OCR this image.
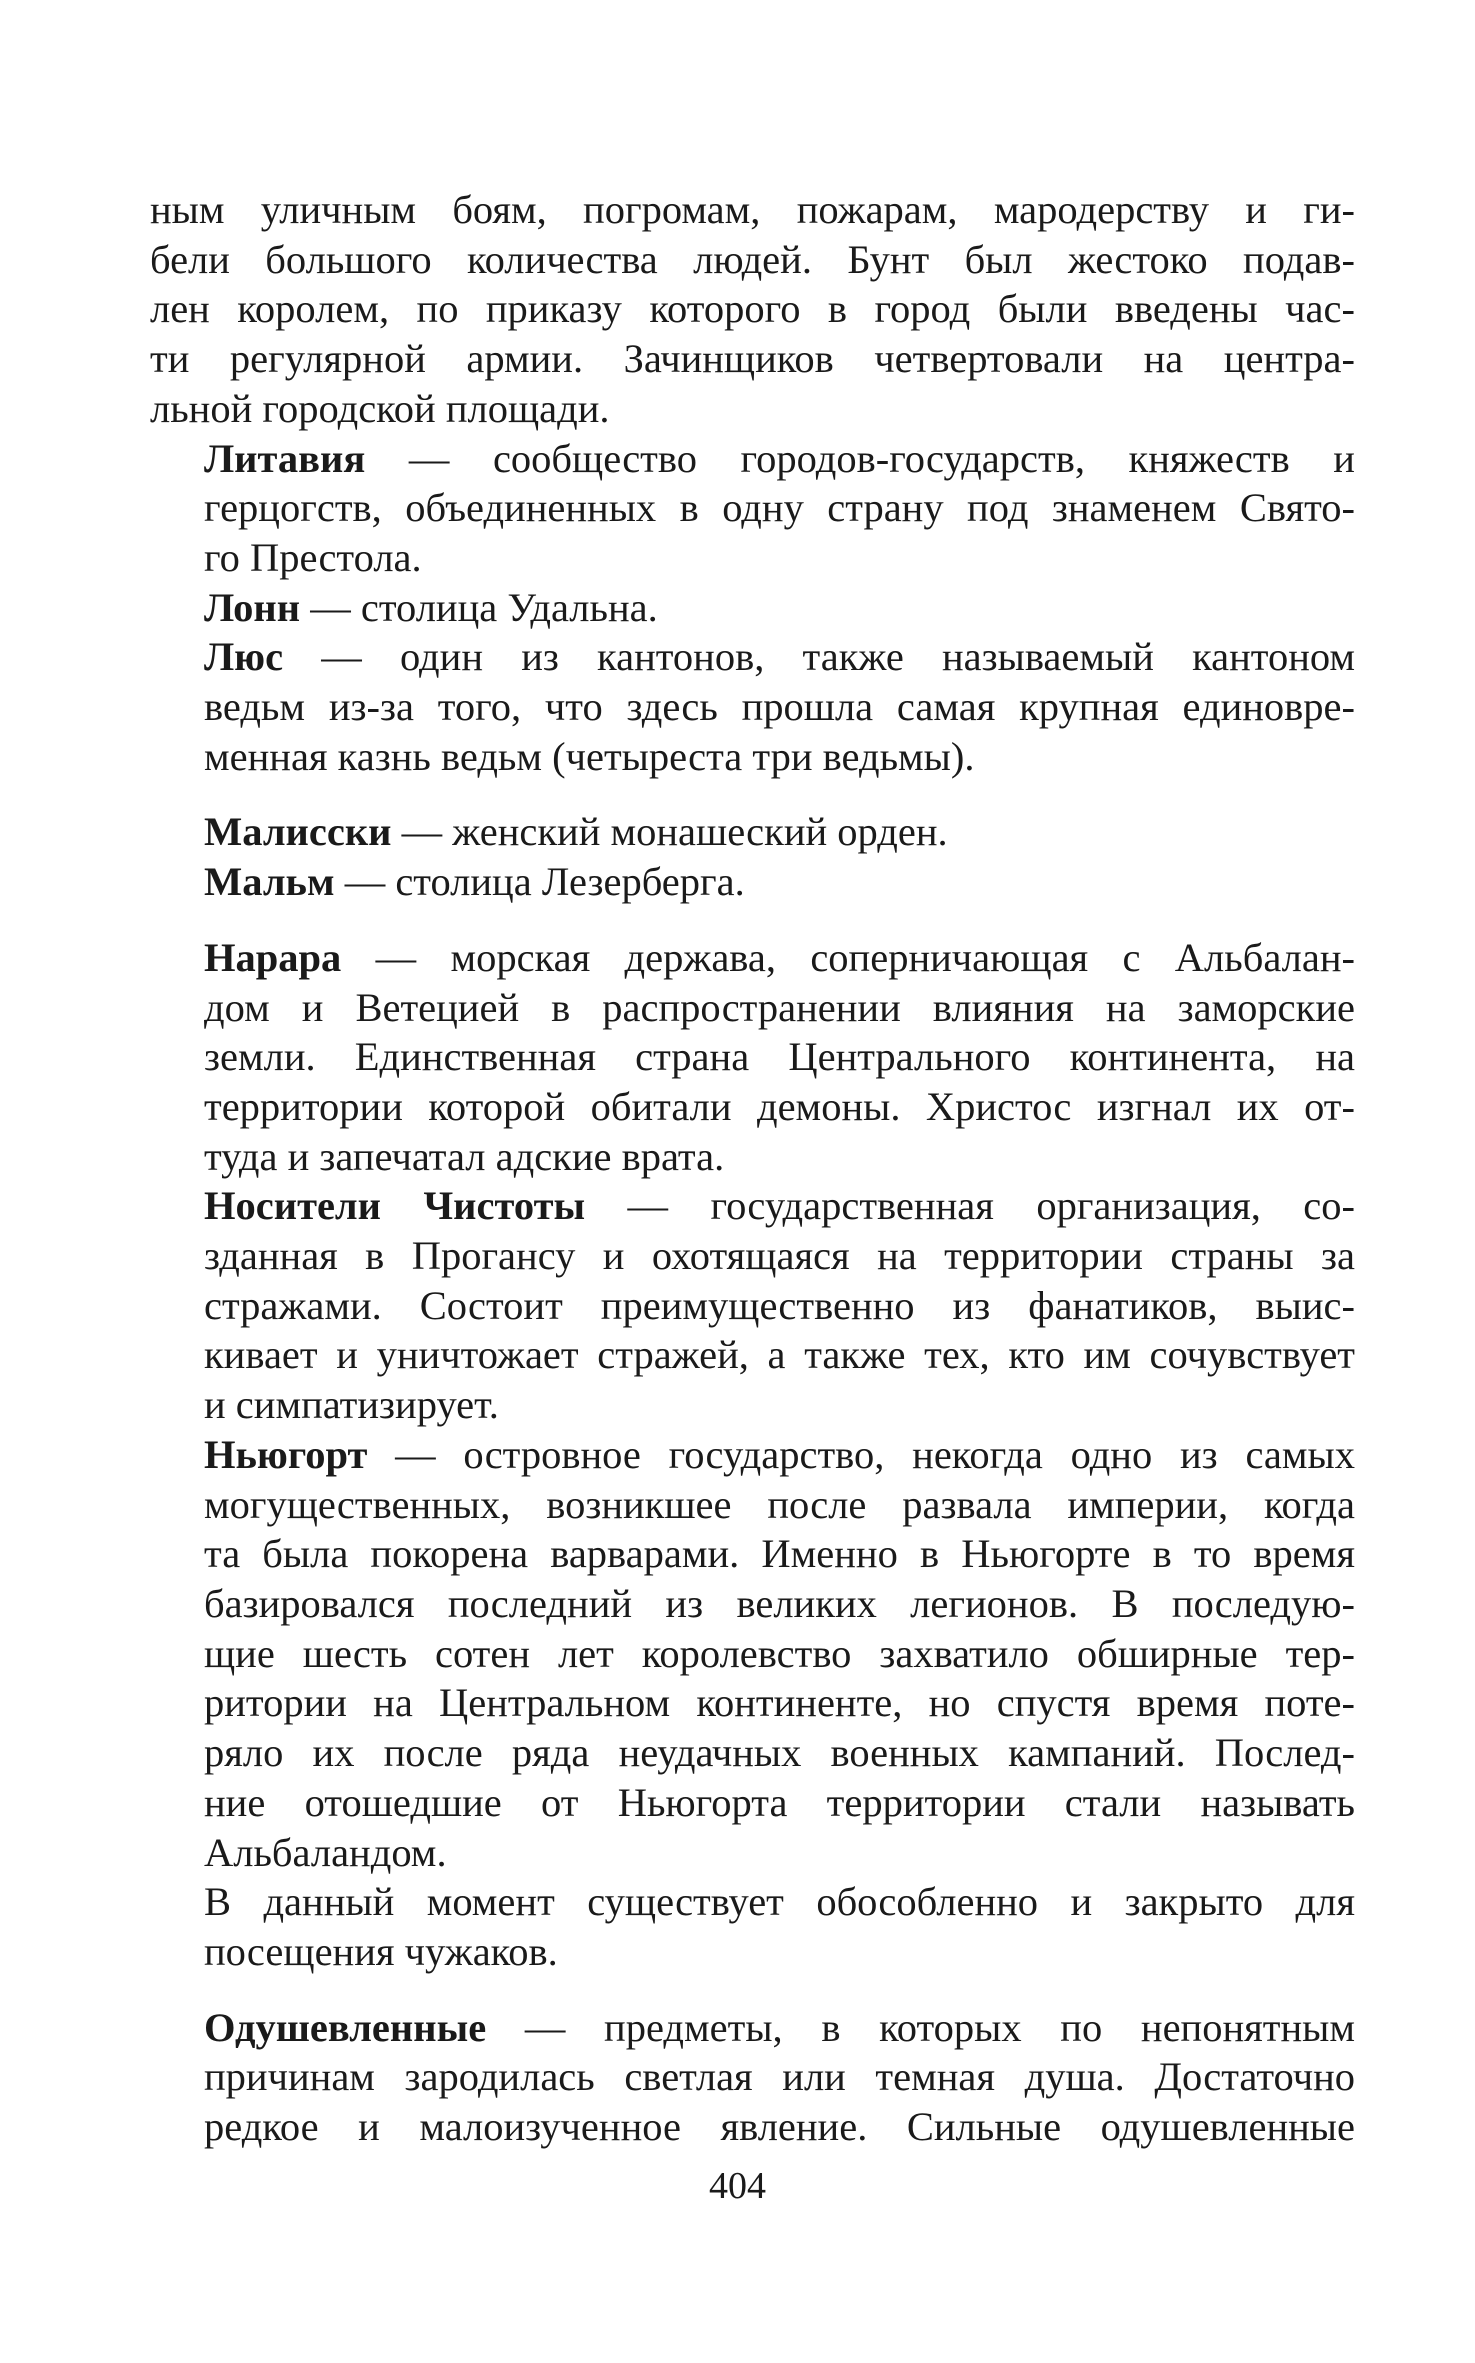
ным уличным боям, погромам, пожарам, мародерству и ги-
бели большого количества людей. Бунт был жестоко подав-
лен королем, по приказу которого в город были введены час-
ти регулярной армии. Зачинщиков четвертовали на центра-
льной городской площади.

Литавия — сообщество городов-государств, княжеств и
герцогств, объединенных в одну страну под знаменем Свято-
го Престола.

Лонн — столица Удальна.

Люс — один из кантонов, также называемый кантоном
ведьм из-за того, что здесь прошла самая крупная единовре-
менная казнь ведьм (четыреста три ведьмы).

Малисски — женский монашеский орден.

Мальм — столица Лезерберга.

Нарара — морская держава, соперничающая с Альбалан-
дом и Ветецией в распространении влияния на заморские
земли. Единственная страна Центрального континента, на
территории которой обитали демоны. Христос изгнал их от-
туда и запечатал адские врата.

Носители Чистоты — государственная организация, со-
зданная в Прогансу и охотящаяся на территории страны за
стражами. Состоит преимущественно из фанатиков, выис-
кивает и уничтожает стражей, а также тех, кто им сочувствует
и симпатизирует.

Ньюгорт — островное государство, некогда одно из самых
могущественных, возникшее после развала империи, когда
та была покорена варварами. Именно в Ньюгорте в то время
базировался последний из великих легионов. В последую-
щие шесть сотен лет королевство захватило обширные тер-
ритории на Центральном континенте, но спустя время поте-
ряло их после ряда неудачных военных кампаний. Послед-
ние отошедшие от Ньюгорта территории стали называть
Альбаландом.

В данный момент существует обособленно и закрыто для
посещения чужаков.

Одушевленные — предметы, в которых по непонятным
причинам зародилась светлая или темная душа. Достаточно
редкое и малоизученное явление. Сильные одушевленные

404
